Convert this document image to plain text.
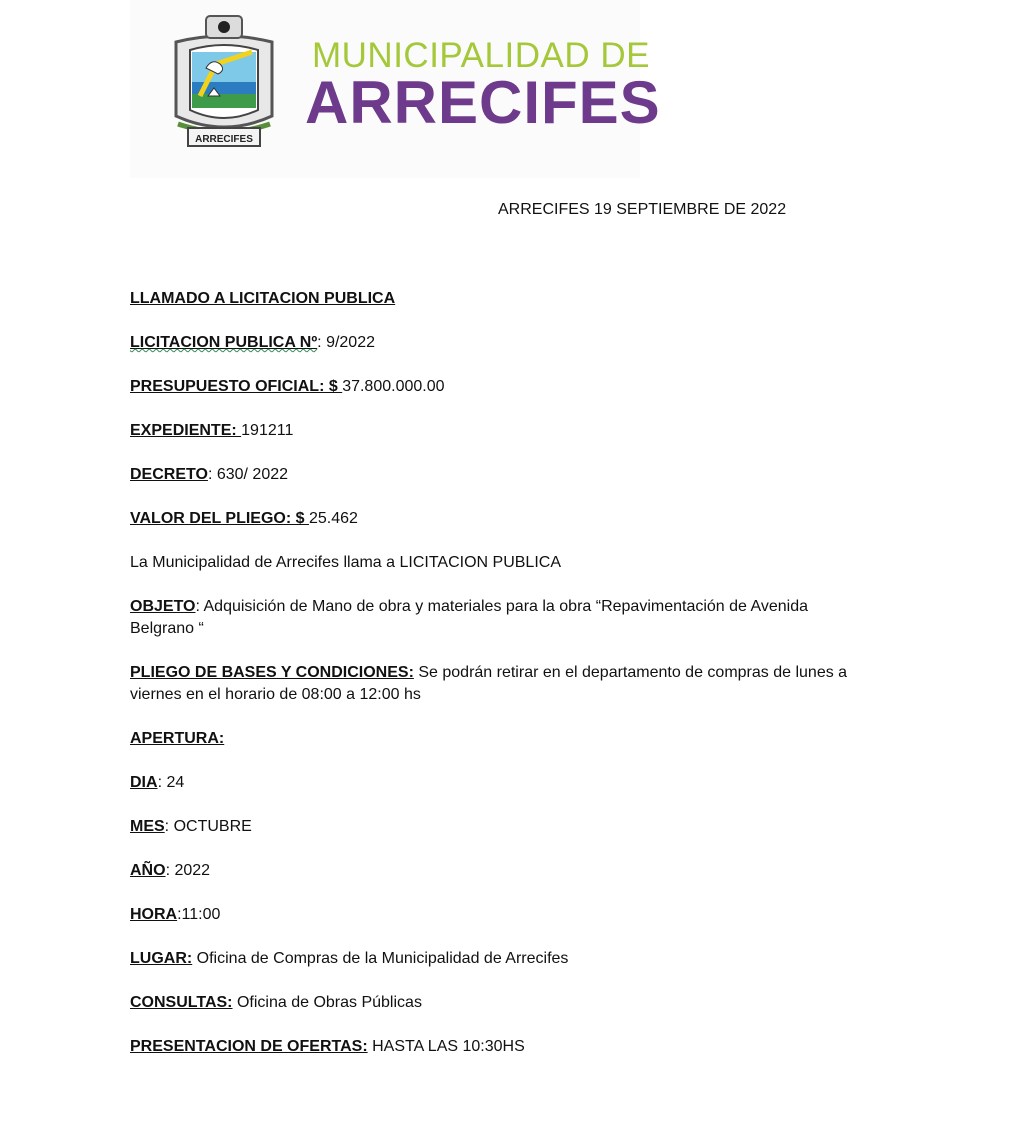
ARRECIFES
MUNICIPALIDAD DE
ARRECIFES
ARRECIFES 19 SEPTIEMBRE DE 2022

LLAMADO A LICITACION PUBLICA

LICITACION PUBLICA Nº: 9/2022

PRESUPUESTO OFICIAL: $ 37.800.000.00

EXPEDIENTE: 191211

DECRETO: 630/ 2022

VALOR DEL PLIEGO: $ 25.462

La Municipalidad de Arrecifes llama a LICITACION PUBLICA

OBJETO: Adquisición de Mano de obra y materiales para la obra “Repavimentación de Avenida Belgrano “

PLIEGO DE BASES Y CONDICIONES: Se podrán retirar en el departamento de compras de lunes a viernes en el horario de 08:00 a 12:00 hs

APERTURA:

DIA: 24

MES: OCTUBRE

AÑO: 2022

HORA:11:00

LUGAR: Oficina de Compras de la Municipalidad de Arrecifes

CONSULTAS: Oficina de Obras Públicas

PRESENTACION DE OFERTAS: HASTA LAS 10:30HS
